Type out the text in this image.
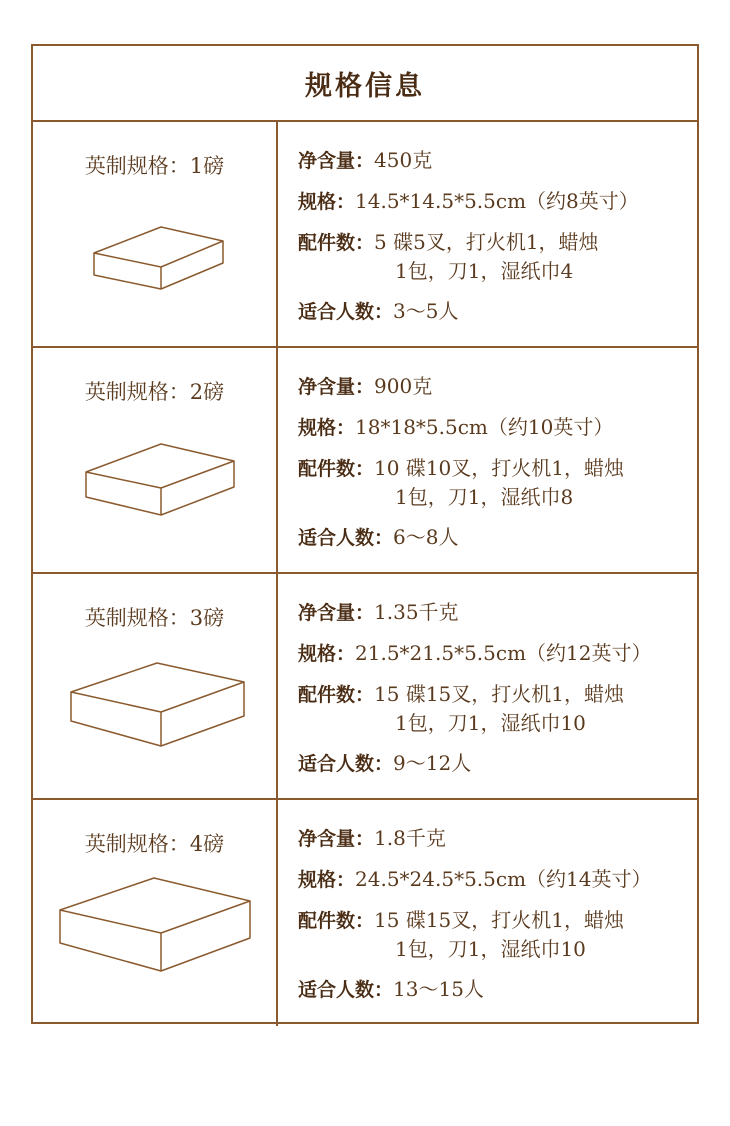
规格信息
英制规格：1磅	净含量：450克
规格：14.5*14.5*5.5cm（约8英寸）
配件数：5 碟5叉，打火机1，蜡烛
1包，刀1，湿纸巾4
适合人数：3～5人
英制规格：2磅	净含量：900克
规格：18*18*5.5cm（约10英寸）
配件数：10 碟10叉，打火机1，蜡烛
1包，刀1，湿纸巾8
适合人数：6～8人
英制规格：3磅	净含量：1.35千克
规格：21.5*21.5*5.5cm（约12英寸）
配件数：15 碟15叉，打火机1，蜡烛
1包，刀1，湿纸巾10
适合人数：9～12人
英制规格：4磅	净含量：1.8千克
规格：24.5*24.5*5.5cm（约14英寸）
配件数：15 碟15叉，打火机1，蜡烛
1包，刀1，湿纸巾10
适合人数：13～15人
